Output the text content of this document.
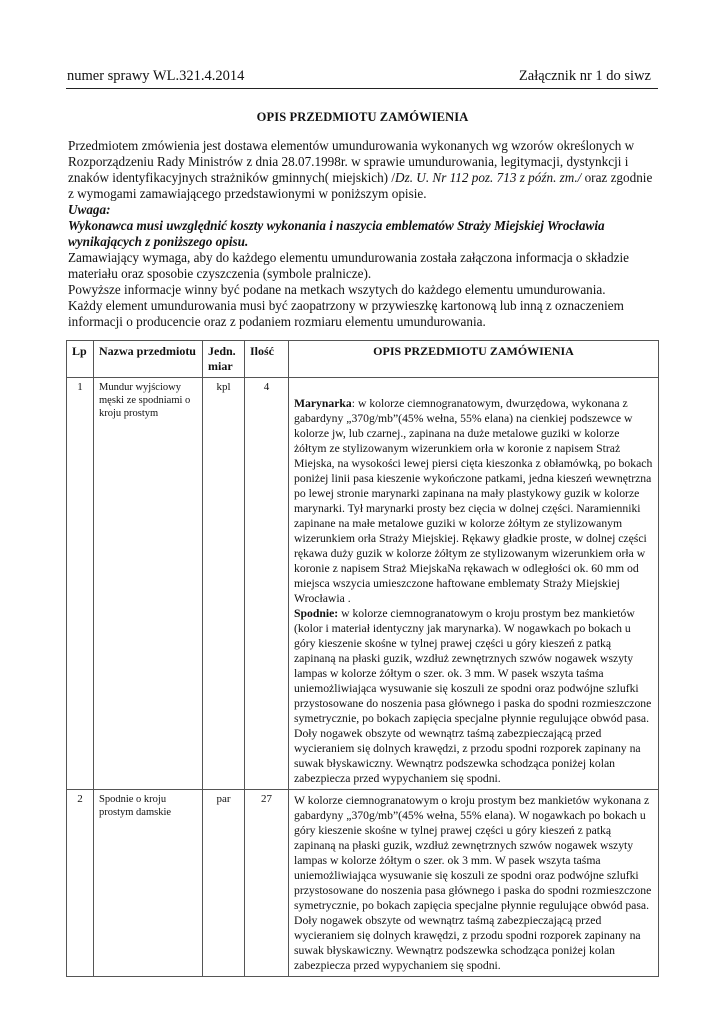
numer sprawy WL.321.4.2014	Załącznik nr 1 do siwz
OPIS PRZEDMIOTU ZAMÓWIENIA

Przedmiotem zmówienia jest dostawa elementów umundurowania wykonanych wg wzorów określonych w Rozporządzeniu Rady Ministrów z dnia 28.07.1998r. w sprawie umundurowania, legitymacji, dystynkcji i znaków identyfikacyjnych strażników gminnych( miejskich) /Dz. U. Nr 112 poz. 713 z późn. zm./ oraz zgodnie z wymogami zamawiającego przedstawionymi w poniższym opisie.

Uwaga:

Wykonawca musi uwzględnić koszty wykonania i naszycia emblematów Straży Miejskiej Wrocławia wynikających z poniższego opisu.

Zamawiający wymaga, aby do każdego elementu umundurowania została załączona informacja o składzie materiału oraz sposobie czyszczenia (symbole pralnicze).

Powyższe informacje winny być podane na metkach wszytych do każdego elementu umundurowania.

Każdy element umundurowania musi być zaopatrzony w przywieszkę kartonową lub inną z oznaczeniem informacji o producencie oraz z podaniem rozmiaru elementu umundurowania.

Lp	Nazwa przedmiotu	Jedn. miar	Ilość	OPIS PRZEDMIOTU ZAMÓWIENIA
1	Mundur wyjściowy męski ze spodniami o kroju prostym	kpl	4	Marynarka: w kolorze ciemnogranatowym, dwurzędowa, wykonana z gabardyny „370g/mb”(45% wełna, 55% elana) na cienkiej podszewce w kolorze jw, lub czarnej., zapinana na duże metalowe guziki w kolorze żółtym ze stylizowanym wizerunkiem orła w koronie z napisem Straż Miejska, na wysokości lewej piersi cięta kieszonka z obłamówką, po bokach poniżej linii pasa kieszenie wykończone patkami, jedna kieszeń wewnętrzna po lewej stronie marynarki zapinana na mały plastykowy guzik w kolorze marynarki. Tył marynarki prosty bez cięcia w dolnej części. Naramienniki zapinane na małe metalowe guziki w kolorze żółtym ze stylizowanym wizerunkiem orła Straży Miejskiej. Rękawy gładkie proste, w dolnej części rękawa duży guzik w kolorze żółtym ze stylizowanym wizerunkiem orła w koronie z napisem Straż MiejskaNa rękawach w odległości ok. 60 mm od miejsca wszycia umieszczone haftowane emblematy Straży Miejskiej Wrocławia .
Spodnie: w kolorze ciemnogranatowym o kroju prostym bez mankietów (kolor i materiał identyczny jak marynarka). W nogawkach po bokach u góry kieszenie skośne w tylnej prawej części u góry kieszeń z patką zapinaną na płaski guzik, wzdłuż zewnętrznych szwów nogawek wszyty lampas w kolorze żółtym o szer. ok. 3 mm. W pasek wszyta taśma uniemożliwiająca wysuwanie się koszuli ze spodni oraz podwójne szlufki przystosowane do noszenia pasa głównego i paska do spodni rozmieszczone symetrycznie, po bokach zapięcia specjalne płynnie regulujące obwód pasa. Doły nogawek obszyte od wewnątrz taśmą zabezpieczającą przed wycieraniem się dolnych krawędzi, z przodu spodni rozporek zapinany na suwak błyskawiczny. Wewnątrz podszewka schodząca poniżej kolan zabezpiecza przed wypychaniem się spodni.
2	Spodnie o kroju prostym damskie	par	27	W kolorze ciemnogranatowym o kroju prostym bez mankietów wykonana z gabardyny „370g/mb”(45% wełna, 55% elana). W nogawkach po bokach u góry kieszenie skośne w tylnej prawej części u góry kieszeń z patką zapinaną na płaski guzik, wzdłuż zewnętrznych szwów nogawek wszyty lampas w kolorze żółtym o szer. ok 3 mm. W pasek wszyta taśma uniemożliwiająca wysuwanie się koszuli ze spodni oraz podwójne szlufki przystosowane do noszenia pasa głównego i paska do spodni rozmieszczone symetrycznie, po bokach zapięcia specjalne płynnie regulujące obwód pasa. Doły nogawek obszyte od wewnątrz taśmą zabezpieczającą przed wycieraniem się dolnych krawędzi, z przodu spodni rozporek zapinany na suwak błyskawiczny. Wewnątrz podszewka schodząca poniżej kolan zabezpiecza przed wypychaniem się spodni.
